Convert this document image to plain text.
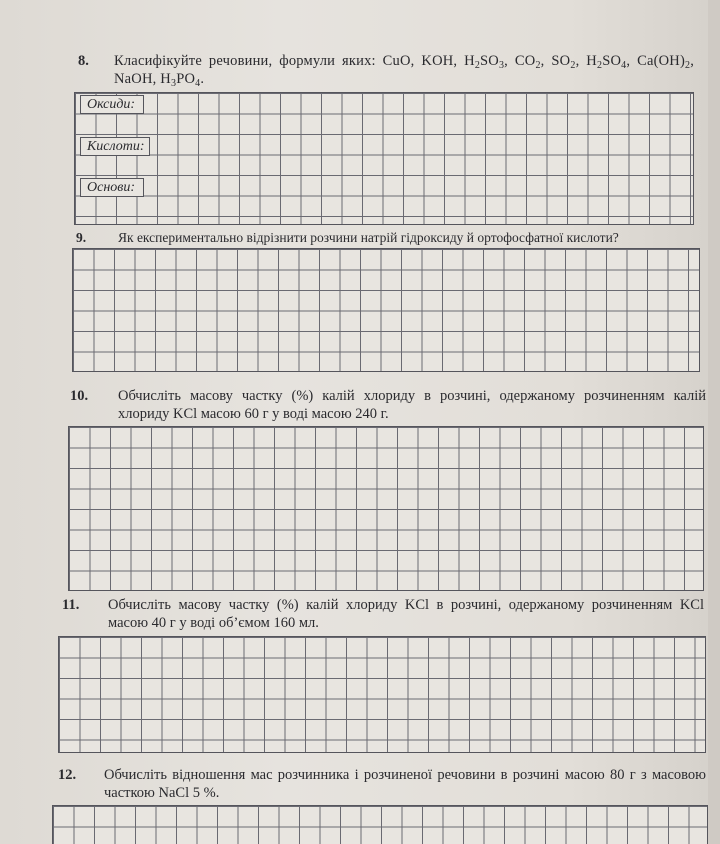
8. Класифікуйте речовини, формули яких: CuO, KOH, $H_2SO_3$, $CO_2$, $SO_2$, $H_2SO_4$, $Ca(OH)_2$, NaOH, $H_3PO_4$.
Оксиди:
Кислоти:
Основи:
9. Як експериментально відрізнити розчини натрій гідроксиду й ортофосфатної кислоти?
10. Обчисліть масову частку (%) калій хлориду в розчині, одержаному розчиненням калій хлориду KCl масою 60 г у воді масою 240 г.
11. Обчисліть масову частку (%) калій хлориду KCl в розчині, одержаному розчиненням KCl масою 40 г у воді об’ємом 160 мл.
12. Обчисліть відношення мас розчинника і розчиненої речовини в розчині масою 80 г з масовою часткою NaCl 5 %.
